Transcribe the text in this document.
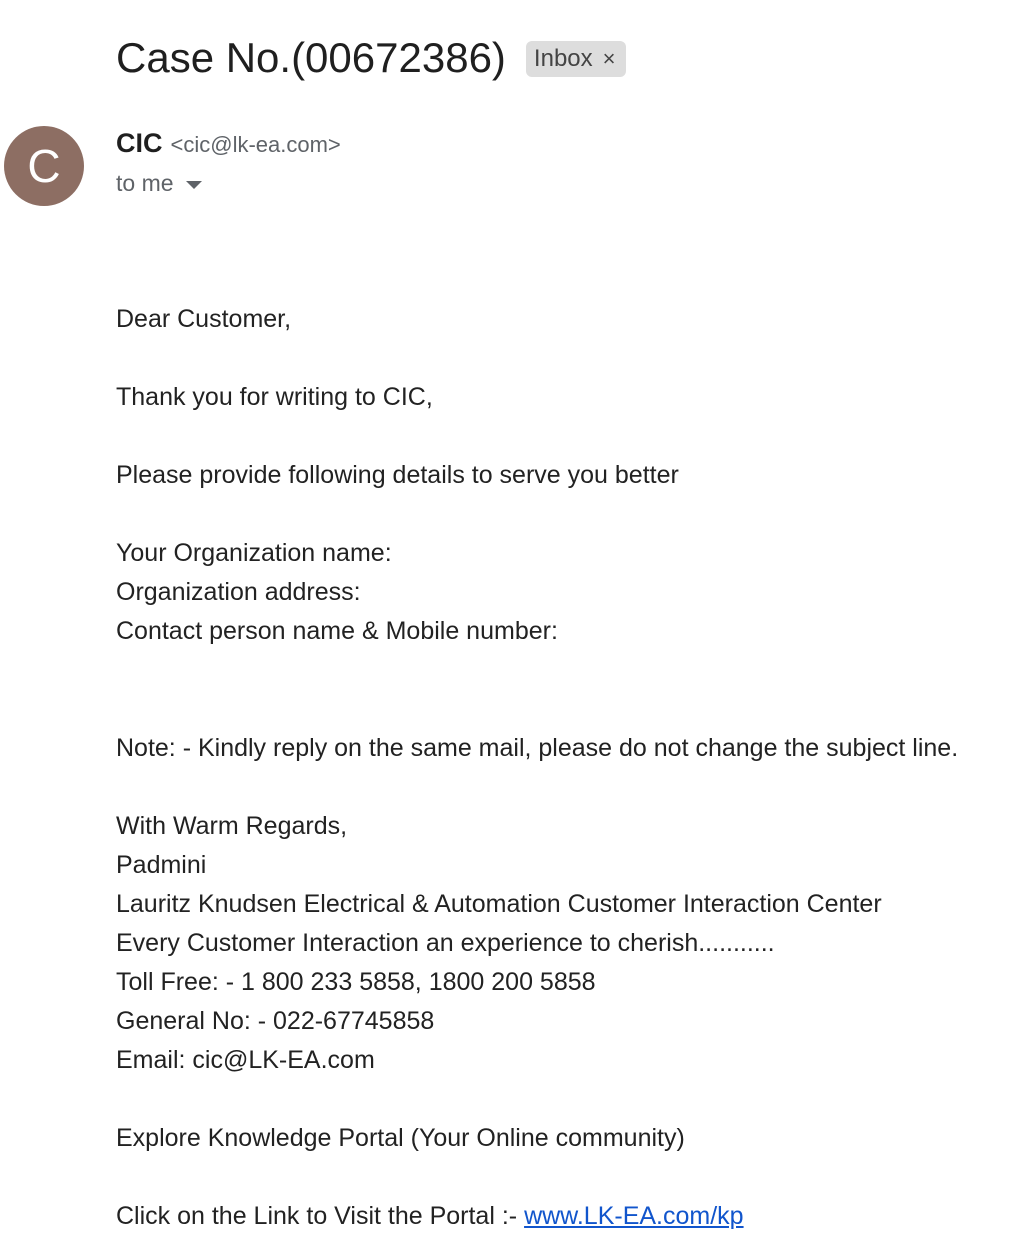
Case No.(00672386) Inbox ×
C CIC <cic@lk-ea.com>
to me
Dear Customer,
Thank you for writing to CIC,
Please provide following details to serve you better
Your Organization name:
Organization address:
Contact person name & Mobile number:
Note: - Kindly reply on the same mail, please do not change the subject line.
With Warm Regards,
Padmini
Lauritz Knudsen Electrical & Automation Customer Interaction Center
Every Customer Interaction an experience to cherish...........
Toll Free: - 1 800 233 5858, 1800 200 5858
General No: - 022-67745858
Email: cic@LK-EA.com
Explore Knowledge Portal (Your Online community)
Click on the Link to Visit the Portal :- www.LK-EA.com/kp
